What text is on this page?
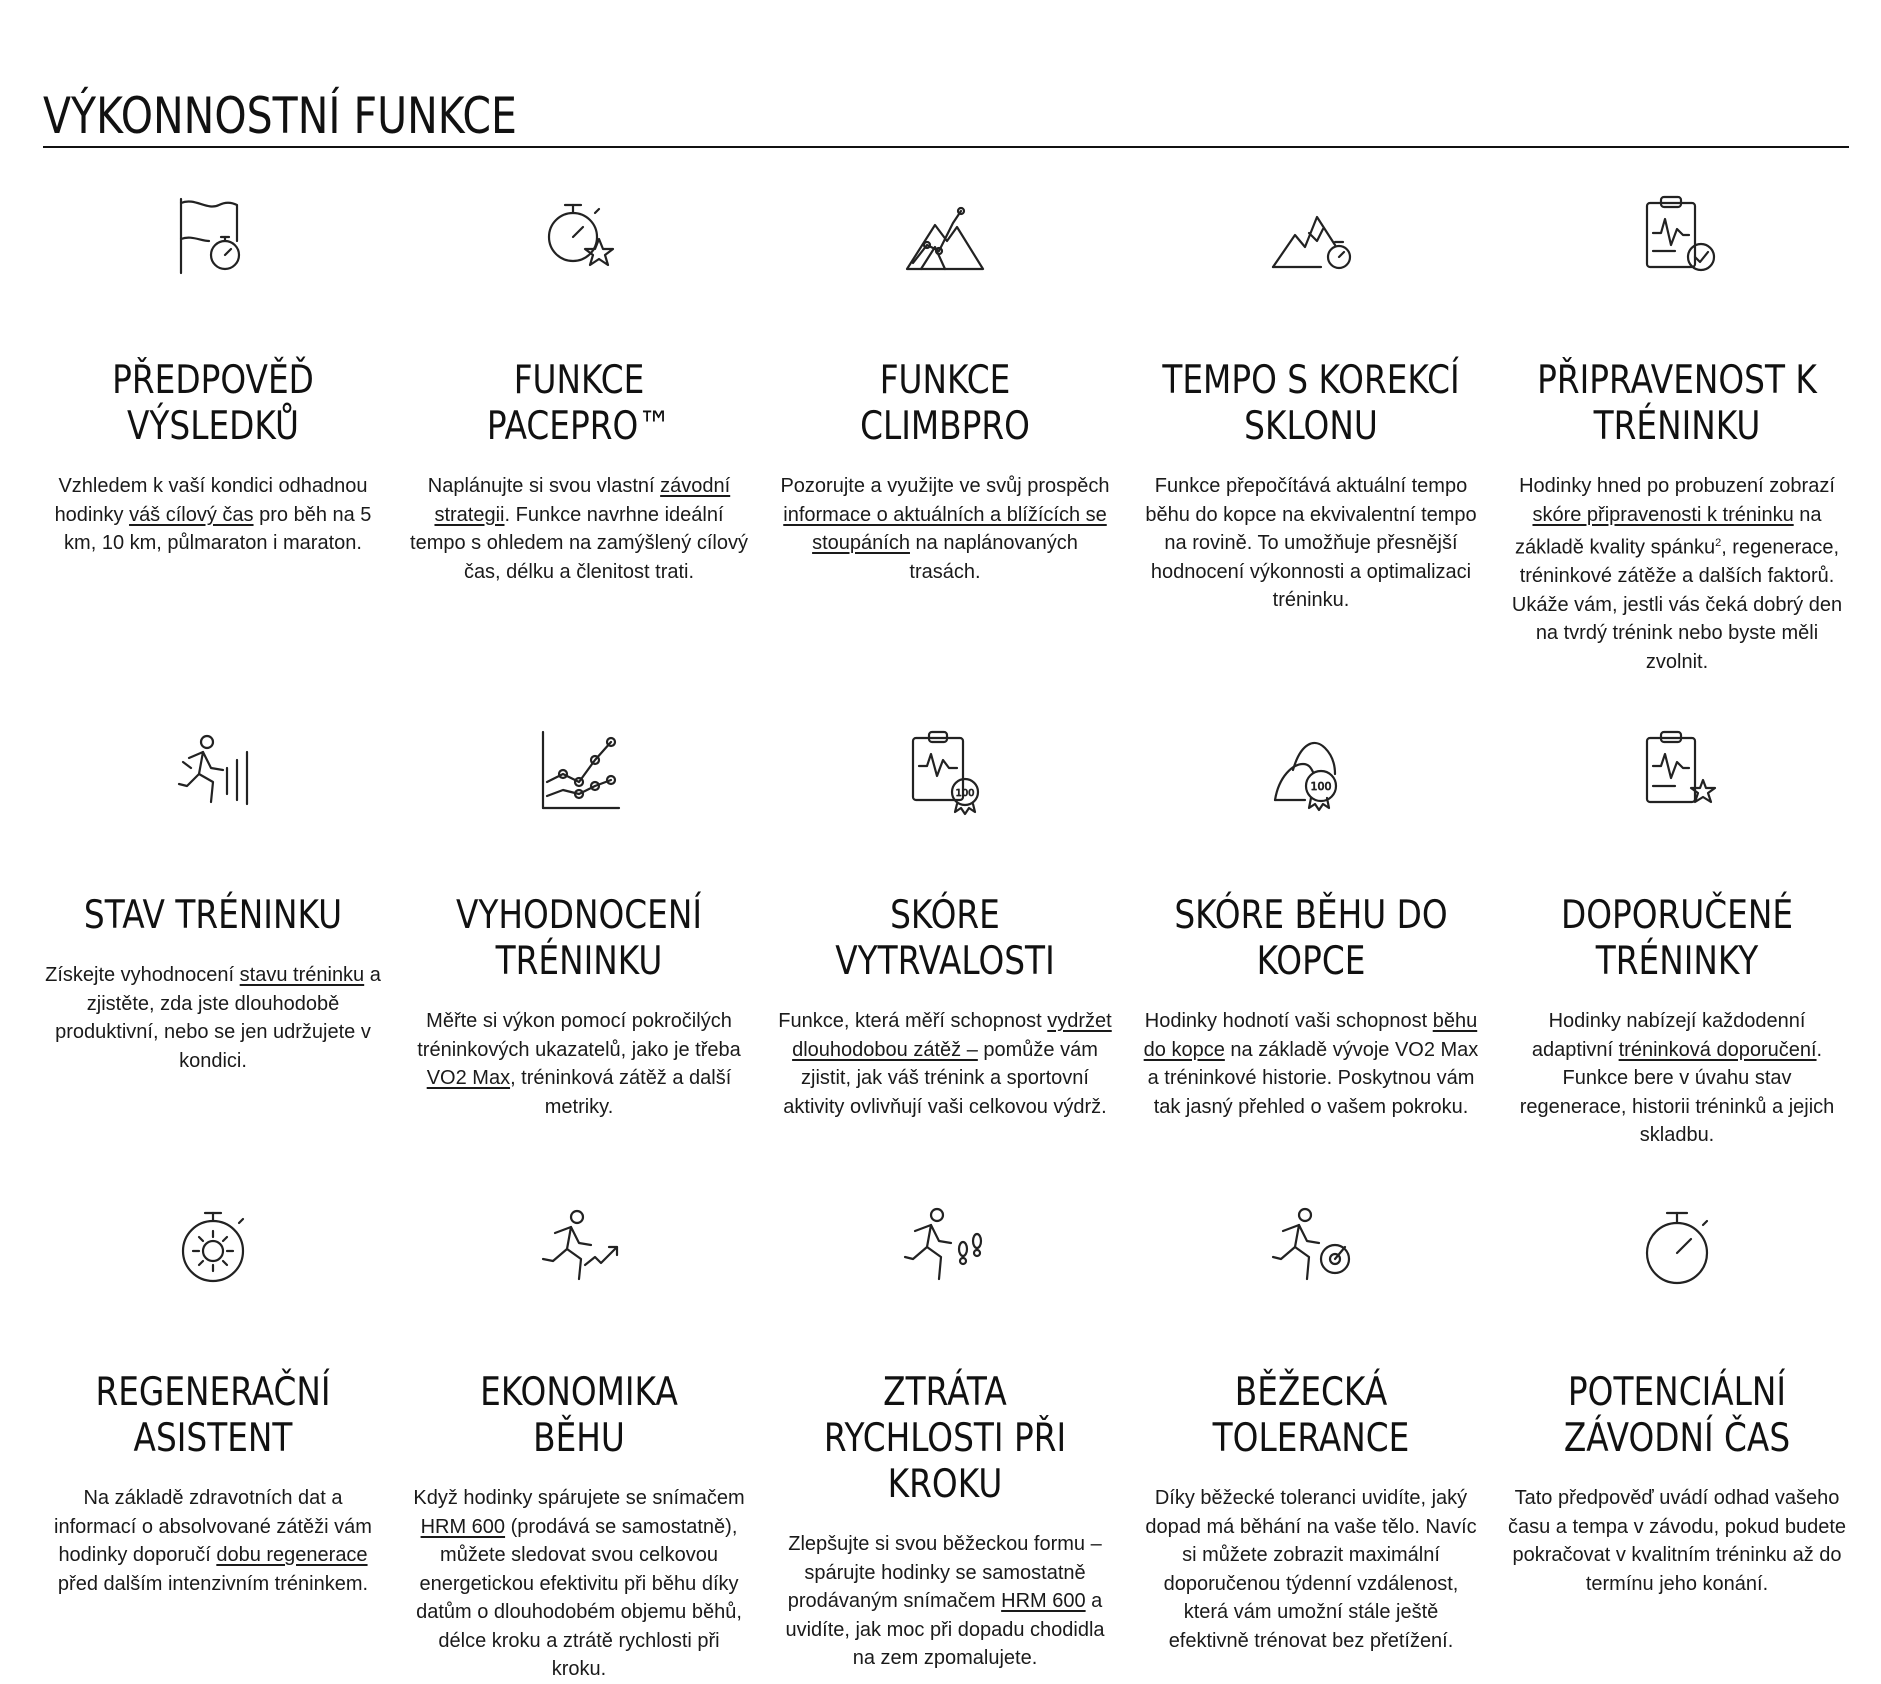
VÝKONNOSTNÍ FUNKCE
PŘEDPOVĚĎ VÝSLEDKŮ

Vzhledem k vaší kondici odhadnou hodinky váš cílový čas pro běh na 5 km, 10 km, půlmaraton i maraton.

FUNKCE PACEPRO™

Naplánujte si svou vlastní závodní strategii. Funkce navrhne ideální tempo s ohledem na zamýšlený cílový čas, délku a členitost trati.

FUNKCE CLIMBPRO

Pozorujte a využijte ve svůj prospěch informace o aktuálních a blížících se stoupáních na naplánovaných trasách.

TEMPO S KOREKCÍ SKLONU

Funkce přepočítává aktuální tempo běhu do kopce na ekvivalentní tempo na rovině. To umožňuje přesnější hodnocení výkonnosti a optimalizaci tréninku.

PŘIPRAVENOST K TRÉNINKU

Hodinky hned po probuzení zobrazí skóre připravenosti k tréninku na základě kvality spánku$^2$, regenerace, tréninkové zátěže a dalších faktorů. Ukáže vám, jestli vás čeká dobrý den na tvrdý trénink nebo byste měli zvolnit.

STAV TRÉNINKU

Získejte vyhodnocení stavu tréninku a zjistěte, zda jste dlouhodobě produktivní, nebo se jen udržujete v kondici.

VYHODNOCENÍ TRÉNINKU

Měřte si výkon pomocí pokročilých tréninkových ukazatelů, jako je třeba VO2 Max, tréninková zátěž a další metriky.

100
SKÓRE VYTRVALOSTI

Funkce, která měří schopnost vydržet dlouhodobou zátěž – pomůže vám zjistit, jak váš trénink a sportovní aktivity ovlivňují vaši celkovou výdrž.

100
SKÓRE BĚHU DO KOPCE

Hodinky hodnotí vaši schopnost běhu do kopce na základě vývoje VO2 Max a tréninkové historie. Poskytnou vám tak jasný přehled o vašem pokroku.

DOPORUČENÉ TRÉNINKY

Hodinky nabízejí každodenní adaptivní tréninková doporučení. Funkce bere v úvahu stav regenerace, historii tréninků a jejich skladbu.

REGENERAČNÍ ASISTENT

Na základě zdravotních dat a informací o absolvované zátěži vám hodinky doporučí dobu regenerace před dalším intenzivním tréninkem.

EKONOMIKA BĚHU

Když hodinky spárujete se snímačem HRM 600 (prodává se samostatně), můžete sledovat svou celkovou energetickou efektivitu při běhu díky datům o dlouhodobém objemu běhů, délce kroku a ztrátě rychlosti při kroku.

ZTRÁTA RYCHLOSTI PŘI KROKU

Zlepšujte si svou běžeckou formu – spárujte hodinky se samostatně prodávaným snímačem HRM 600 a uvidíte, jak moc při dopadu chodidla na zem zpomalujete.

BĚŽECKÁ TOLERANCE

Díky běžecké toleranci uvidíte, jaký dopad má běhání na vaše tělo. Navíc si můžete zobrazit maximální doporučenou týdenní vzdálenost, která vám umožní stále ještě efektivně trénovat bez přetížení.

POTENCIÁLNÍ ZÁVODNÍ ČAS

Tato předpověď uvádí odhad vašeho času a tempa v závodu, pokud budete pokračovat v kvalitním tréninku až do termínu jeho konání.
